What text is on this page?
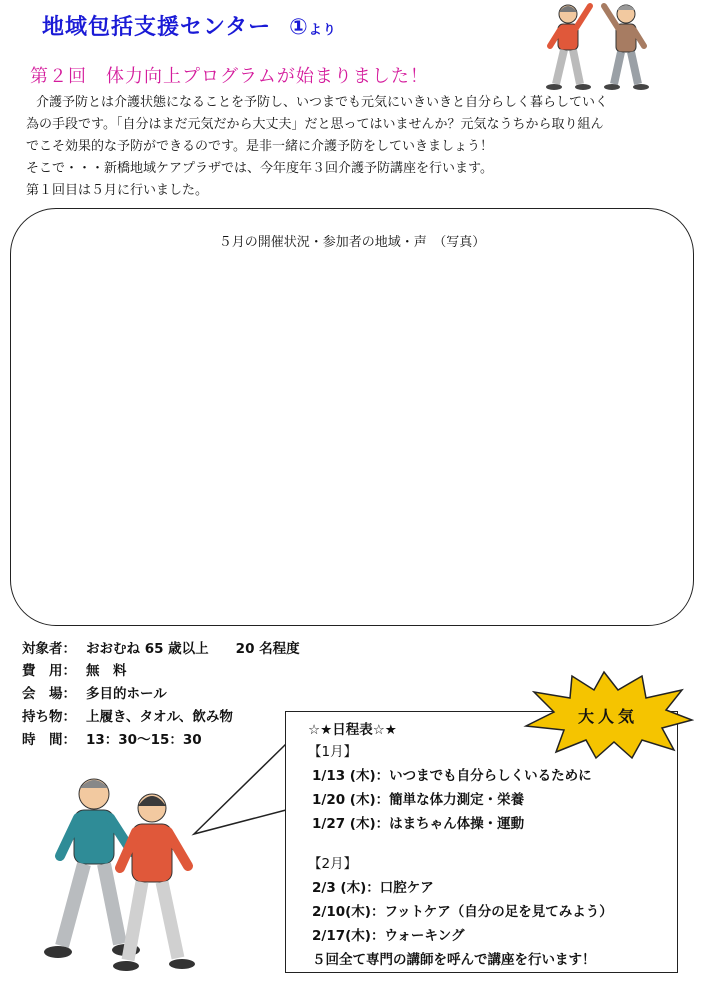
地域包括支援センター ①より
第２回　体力向上プログラムが始まりました！
介護予防とは介護状態になることを予防し、いつまでも元気にいきいきと自分らしく暮らしていく
為の手段です。「自分はまだ元気だから大丈夫」だと思ってはいませんか？元気なうちから取り組ん
でこそ効果的な予防ができるのです。是非一緒に介護予防をしていきましょう！
そこで・・・新橋地域ケアプラザでは、今年度年３回介護予防講座を行います。
第１回目は５月に行いました。
５月の開催状況・参加者の地域・声　（写真）
対象者： おおむね 65 歳以上　　20 名程度
費　用： 無　料
会　場： 多目的ホール
持ち物： 上履き、タオル、飲み物
時　間： 13：30～15：30
☆★日程表☆★
【1月】
1/13 (木)：いつまでも自分らしくいるために
1/20 (木)：簡単な体力測定・栄養
1/27 (木)：はまちゃん体操・運動
【2月】
2/3 (木)：口腔ケア
2/10(木)：フットケア（自分の足を見てみよう）
2/17(木)：ウォーキング
５回全て専門の講師を呼んで講座を行います！
大人気
